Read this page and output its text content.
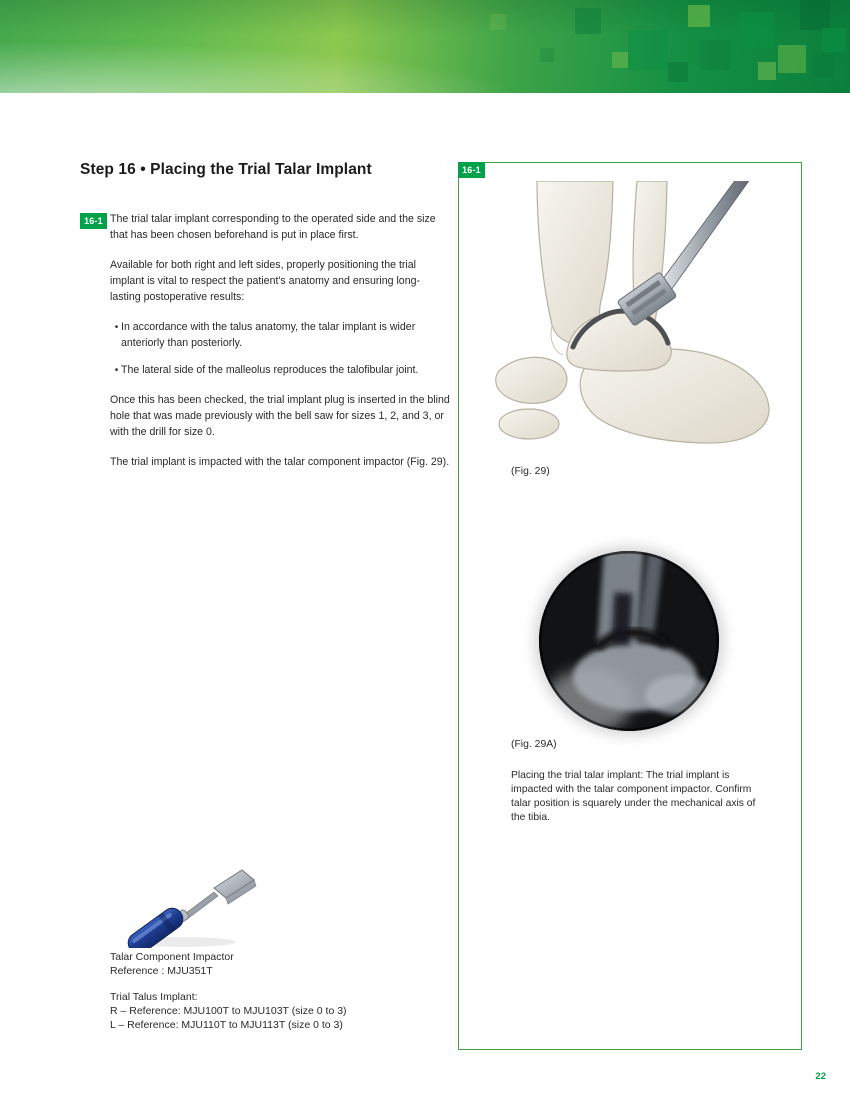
Step 16 • Placing the Trial Talar Implant
16-1 The trial talar implant corresponding to the operated side and the size that has been chosen beforehand is put in place first.

Available for both right and left sides, properly positioning the trial implant is vital to respect the patient's anatomy and ensuring long-lasting postoperative results:

• In accordance with the talus anatomy, the talar implant is wider anteriorly than posteriorly.
• The lateral side of the malleolus reproduces the talofibular joint.

Once this has been checked, the trial implant plug is inserted in the blind hole that was made previously with the bell saw for sizes 1, 2, and 3, or with the drill for size 0.

The trial implant is impacted with the talar component impactor (Fig. 29).

16-1
(Fig. 29)
(Fig. 29A)
Placing the trial talar implant: The trial implant is impacted with the talar component impactor. Confirm talar position is squarely under the mechanical axis of the tibia.
Talar Component Impactor
Reference : MJU351T
Trial Talus Implant:
R – Reference: MJU100T to MJU103T (size 0 to 3)
L – Reference: MJU110T to MJU113T (size 0 to 3)
22
